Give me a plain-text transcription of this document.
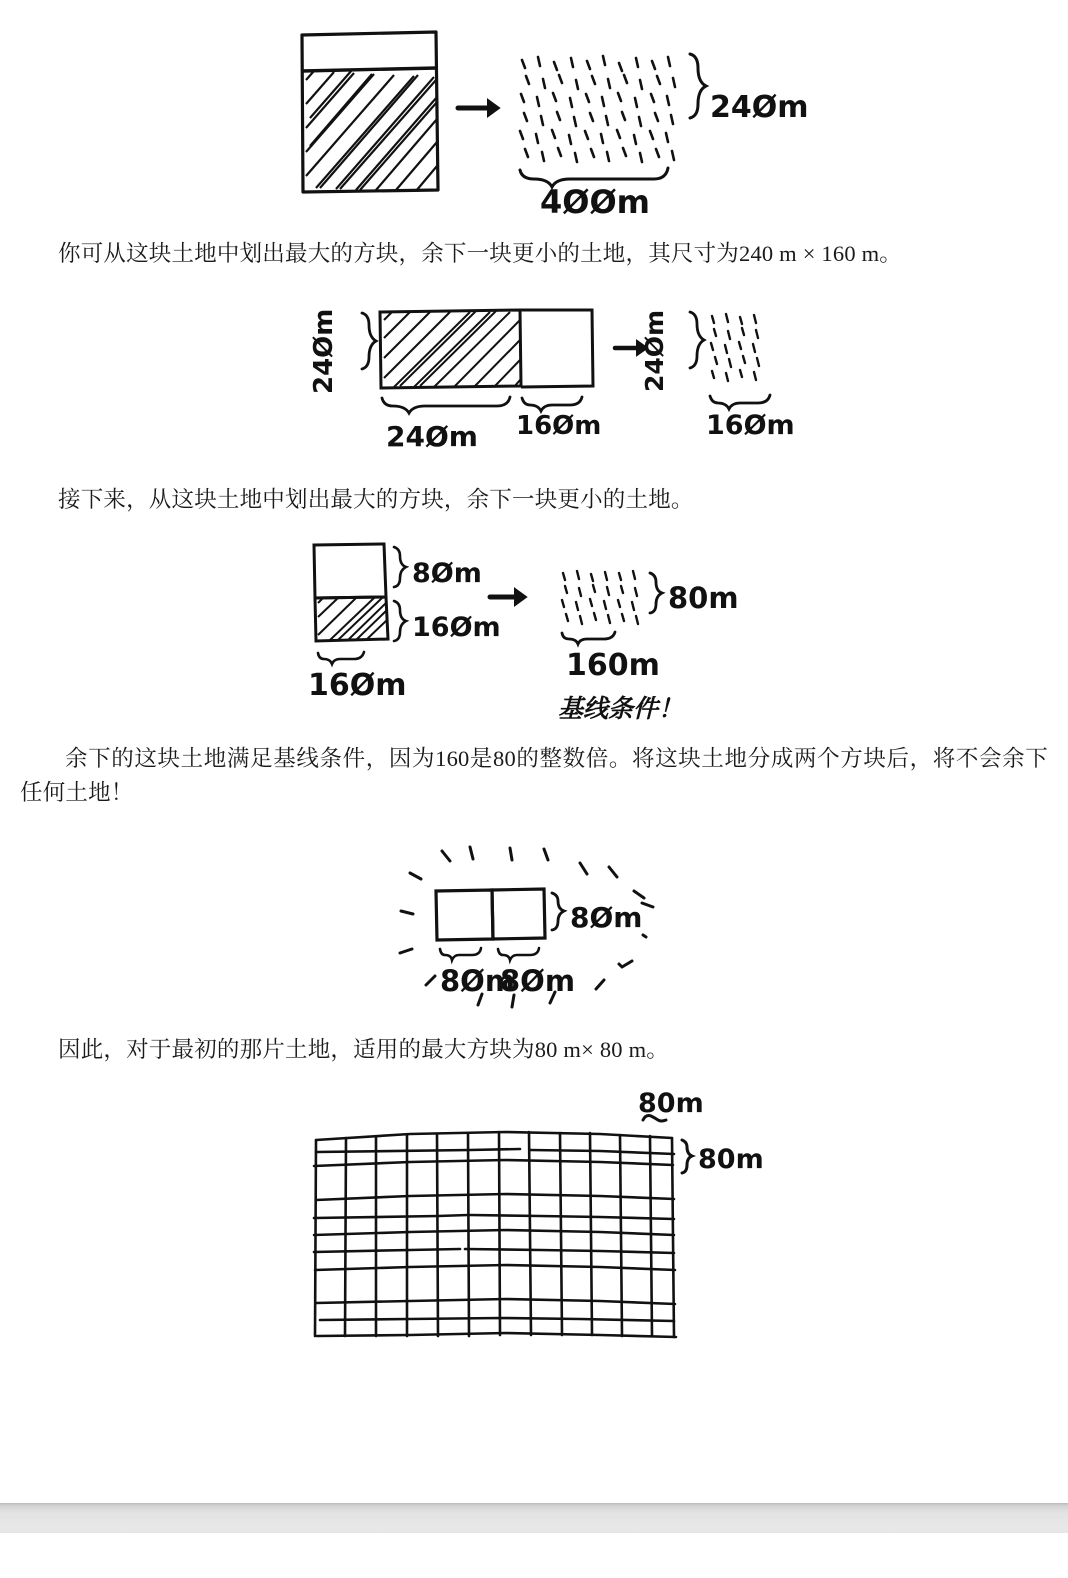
24Øm
4ØØm
你可从这块土地中划出最大的方块，余下一块更小的土地，其尺寸为240 m × 160 m。
24Øm
24Øm 16Øm
24Øm
16Øm
接下来，从这块土地中划出最大的方块，余下一块更小的土地。
8Øm
16Øm
16Øm
80m
160m
基线条件！
余下的这块土地满足基线条件，因为160是80的整数倍。将这块土地分成两个方块后，将不会余下任何土地！
8Øm
8Øm
8Øm
因此，对于最初的那片土地，适用的最大方块为80 m× 80 m。
80m
80m
